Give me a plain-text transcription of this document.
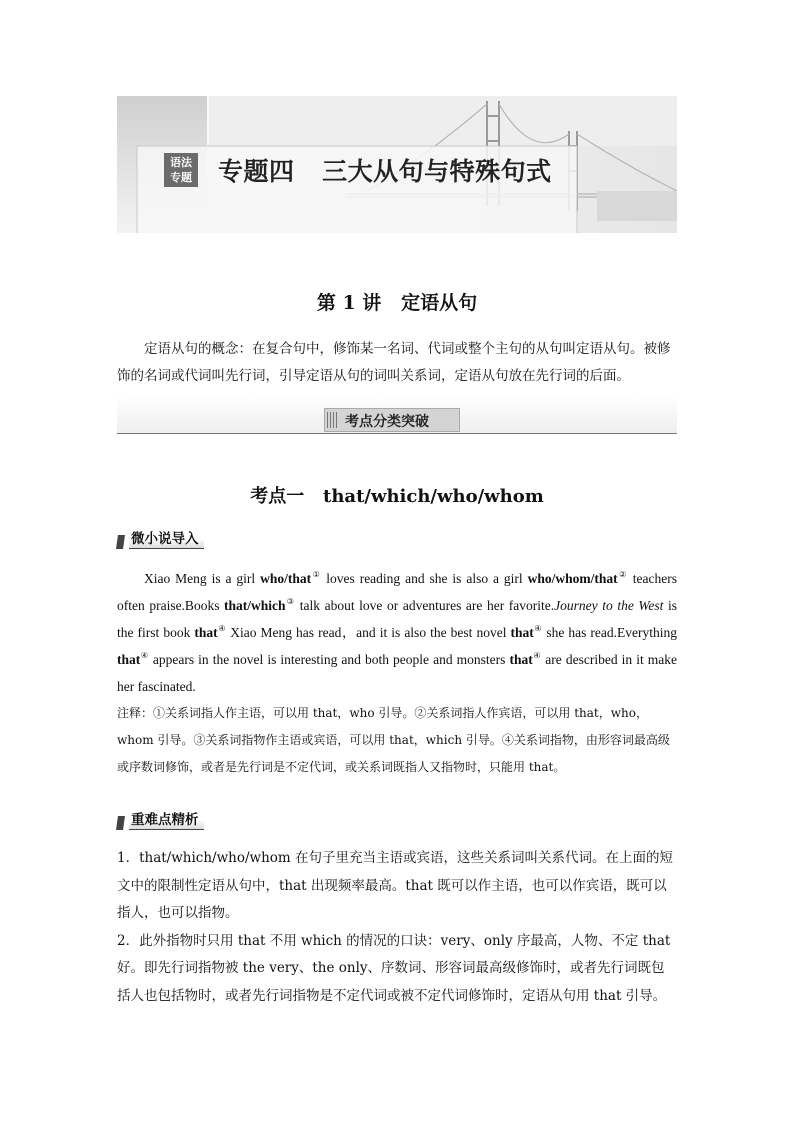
语法
专题 专题四   三大从句与特殊句式
第 1 讲   定语从句
定语从句的概念：在复合句中，修饰某一名词、代词或整个主句的从句叫定语从句。被修饰的名词或代词叫先行词，引导定语从句的词叫关系词，定语从句放在先行词的后面。
考点分类突破
考点一   that/which/who/whom
微小说导入

Xiao Meng is a girl who/that① loves reading and she is also a girl who/whom/that② teachers often praise.Books that/which③ talk about love or adventures are her favorite.Journey to the West is the first book that④ Xiao Meng has read，and it is also the best novel that④ she has read.Everything that④ appears in the novel is interesting and both people and monsters that④ are described in it make her fascinated.

注释：①关系词指人作主语，可以用 that，who 引导。②关系词指人作宾语，可以用 that，who，whom 引导。③关系词指物作主语或宾语，可以用 that，which 引导。④关系词指物，由形容词最高级或序数词修饰，或者是先行词是不定代词，或关系词既指人又指物时，只能用 that。
重难点精析

1．that/which/who/whom 在句子里充当主语或宾语，这些关系词叫关系代词。在上面的短文中的限制性定语从句中，that 出现频率最高。that 既可以作主语，也可以作宾语，既可以指人，也可以指物。

2．此外指物时只用 that 不用 which 的情况的口诀：very、only 序最高，人物、不定 that 好。即先行词指物被 the very、the only、序数词、形容词最高级修饰时，或者先行词既包括人也包括物时，或者先行词指物是不定代词或被不定代词修饰时，定语从句用 that 引导。
